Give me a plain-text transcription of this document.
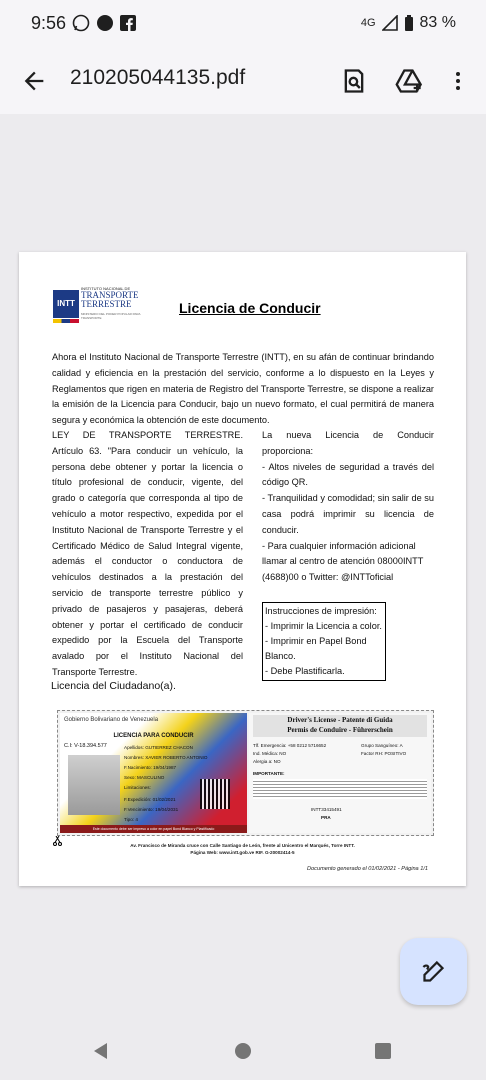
9:56	4G	83 %
210205044135.pdf
INTT
INSTITUTO NACIONAL DE
TRANSPORTE
TERRESTRE
MINISTERIO DEL PODER POPULAR PARA TRANSPORTE
Licencia de Conducir
Ahora el Instituto Nacional de Transporte Terrestre (INTT), en su afán de continuar brindando calidad y eficiencia en la prestación del servicio, conforme a lo dispuesto en la Leyes y Reglamentos que rigen en materia de Registro del Transporte Terrestre, se dispone a realizar la emisión de la Licencia para Conducir, bajo un nuevo formato, el cual permitirá de manera segura y económica la obtención de este documento.
LEY DE TRANSPORTE TERRESTRE. Artículo 63. "Para conducir un vehículo, la persona debe obtener y portar la licencia o título profesional de conducir, vigente, del grado o categoría que corresponda al tipo de vehículo a motor respectivo, expedida por el Instituto Nacional de Transporte Terrestre y el Certificado Médico de Salud Integral vigente, además el conductor o conductora de vehículos destinados a la prestación del servicio de transporte terrestre público y privado de pasajeros y pasajeras, deberá obtener y portar el certificado de conducir expedido por la Escuela del Transporte avalado por el Instituto Nacional del Transporte Terrestre.
La nueva Licencia de Conducir proporciona:
- Altos niveles de seguridad a través del código QR.
- Tranquilidad y comodidad; sin salir de su casa podrá imprimir su licencia de conducir.
- Para cualquier información adicional llamar al centro de atención 08000INTT (4688)00 o Twitter: @INTToficial
Instrucciones de impresión:
- Imprimir la Licencia a color.
- Imprimir en Papel Bond Blanco.
- Debe Plastificarla.
Licencia del Ciudadano(a).
Gobierno Bolivariano de Venezuela
LICENCIA PARA CONDUCIR
C.I: V-18.394.577	Apellidos: GUTIERREZ CHACON
Nombres: XAVIER ROBERTO ANTONIO
F.Nacimiento: 19/04/1987
Sexo: MASCULINO
Limitaciones:
F.Expedición: 01/02/2021
F.Vencimiento: 19/04/2031
Tipo: 4
Este documento debe ser impreso a color en papel Bond Blanco y Plastificado
Driver's License - Patente di Guida
Permis de Conduire - Führerschein
Tlf. Emergencia: +58 0212 5716652	Grupo Sanguíneo: A
Ind. Médica: NO	Factor RH: POSITIVO
Alergia a: NO
IMPORTANTE:
INTT33415491
PRA
Av. Francisco de Miranda cruce con Calle Santiago de León, frente al Unicentro el Marqués, Torre INTT.
Página Web: www.intt.gob.ve RIF. G-20002414-5
Documento generado el 01/02/2021 - Página 1/1
